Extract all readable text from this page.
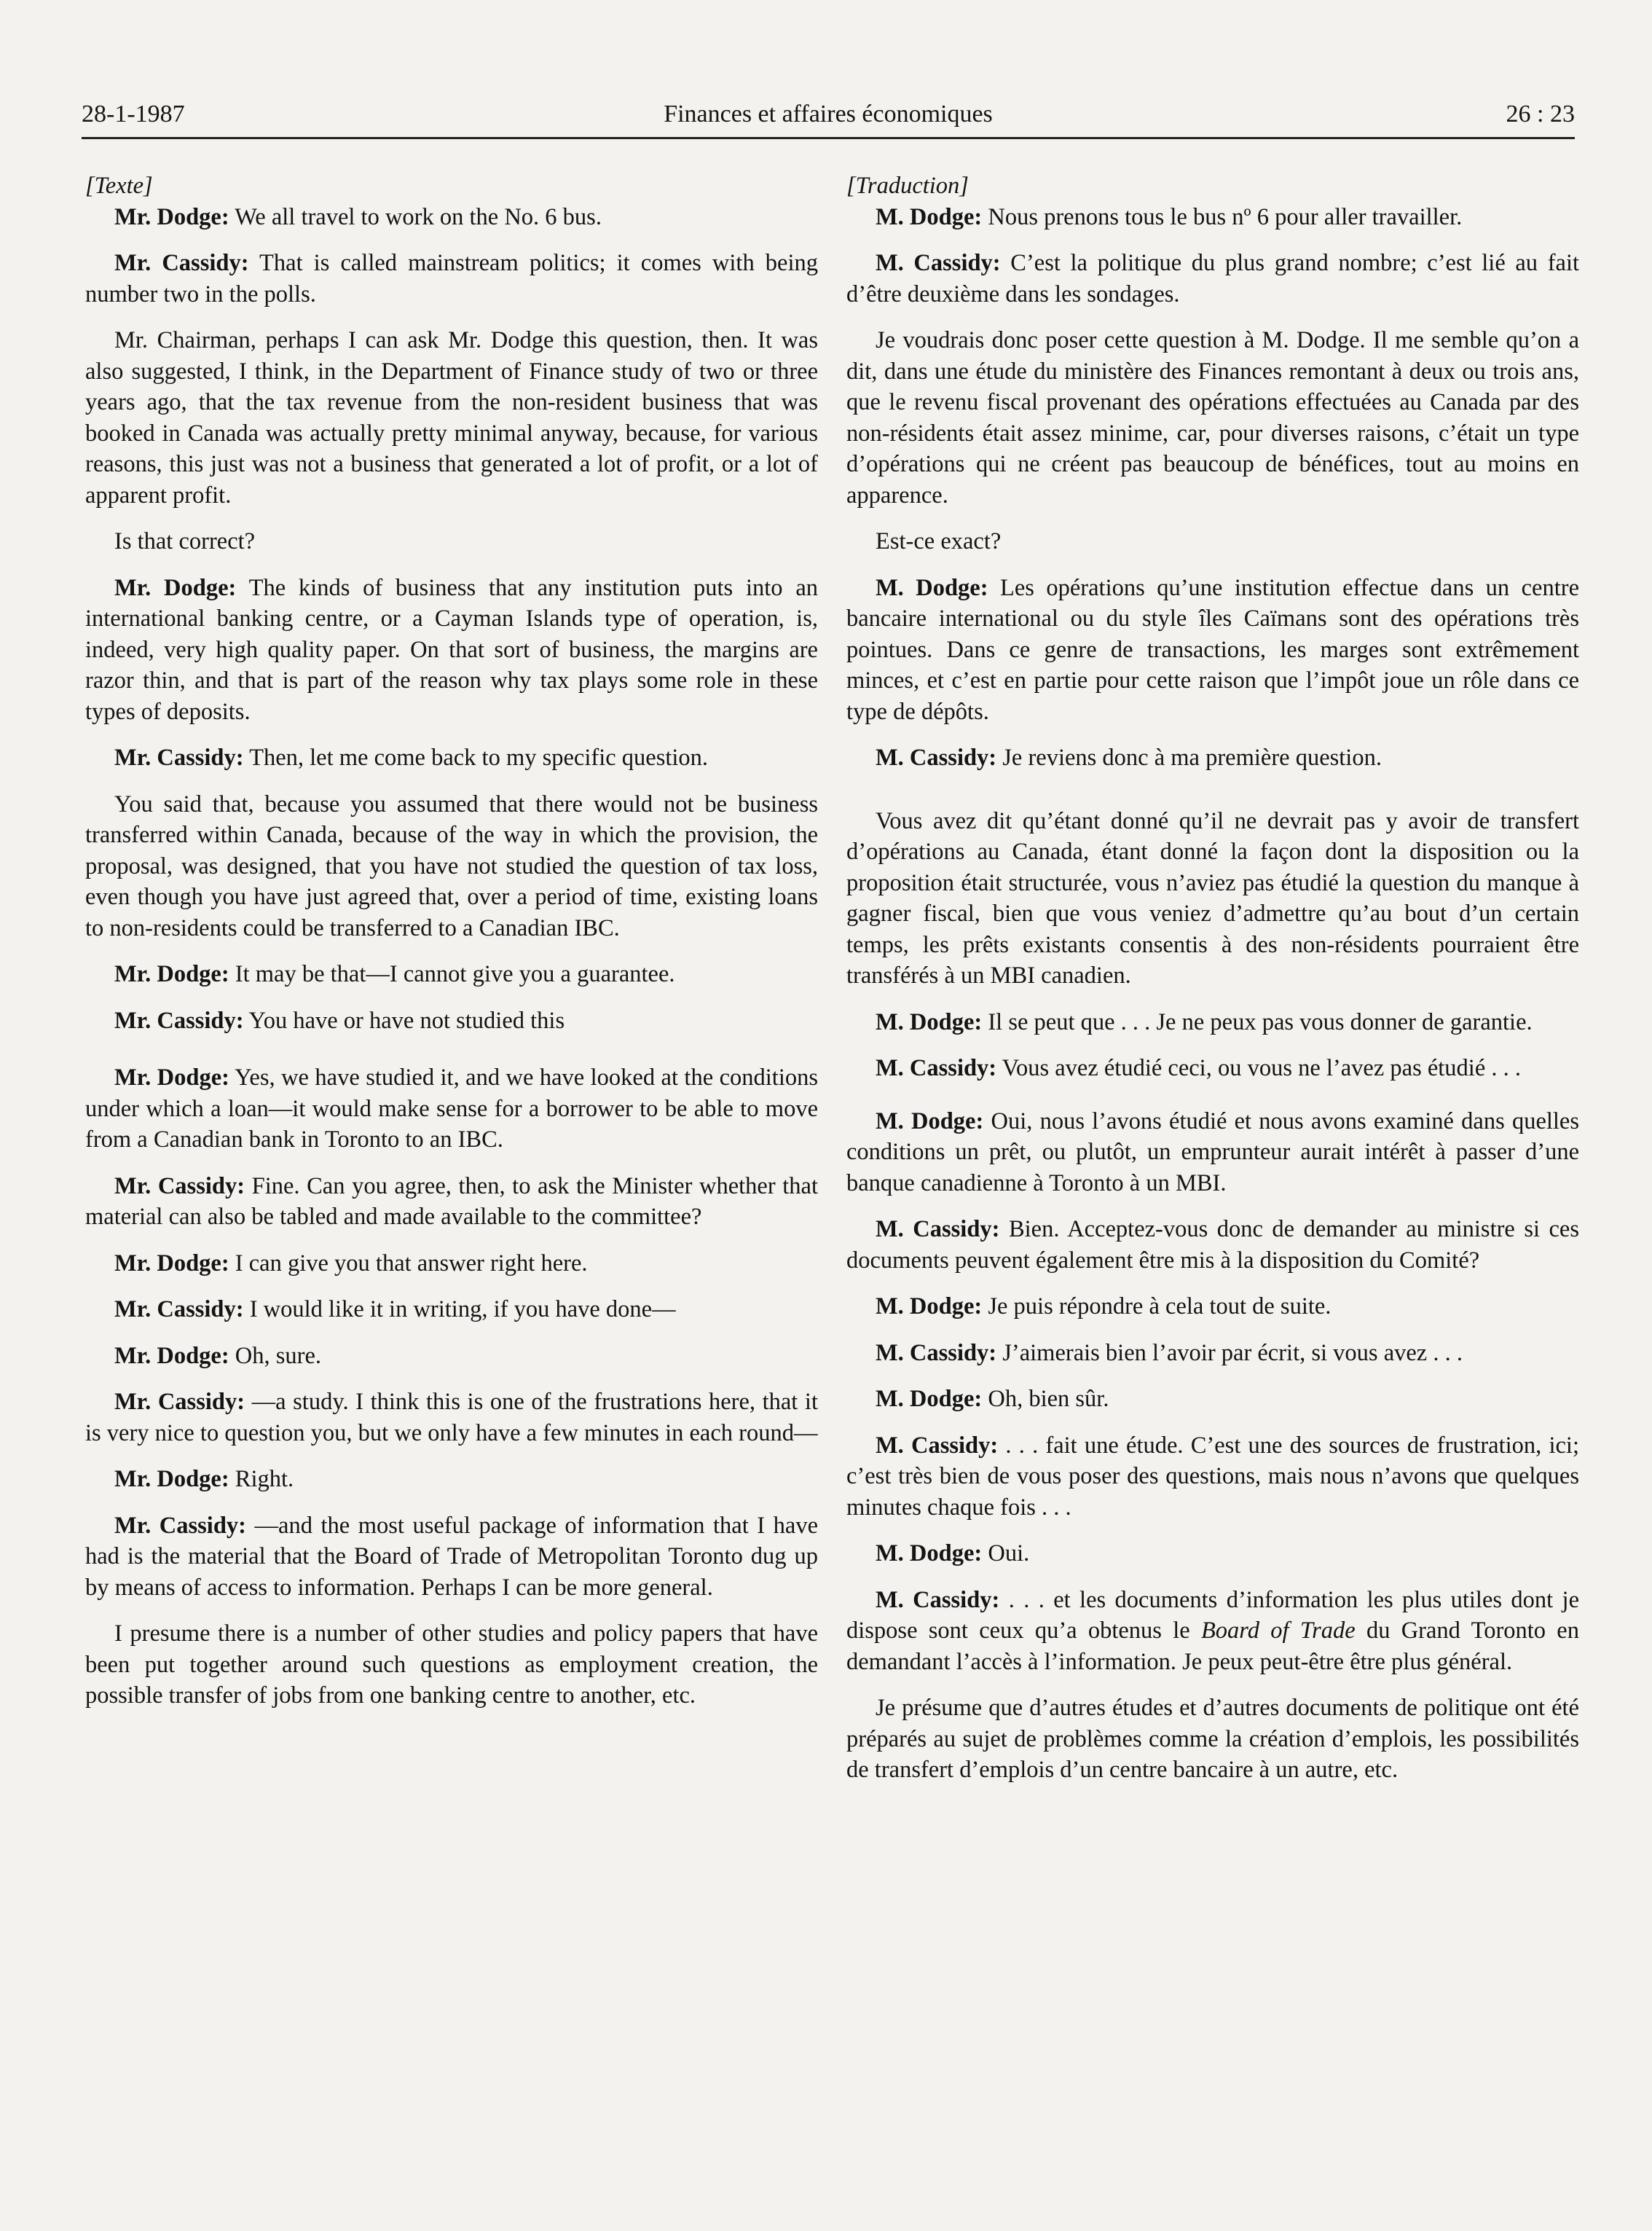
28-1-1987	Finances et affaires économiques	26 : 23

[Texte]

Mr. Dodge: We all travel to work on the No. 6 bus.

Mr. Cassidy: That is called mainstream politics; it comes with being number two in the polls.

Mr. Chairman, perhaps I can ask Mr. Dodge this question, then. It was also suggested, I think, in the Department of Finance study of two or three years ago, that the tax revenue from the non-resident business that was booked in Canada was actually pretty minimal anyway, because, for various reasons, this just was not a business that generated a lot of profit, or a lot of apparent profit.

Is that correct?

Mr. Dodge: The kinds of business that any institution puts into an international banking centre, or a Cayman Islands type of operation, is, indeed, very high quality paper. On that sort of business, the margins are razor thin, and that is part of the reason why tax plays some role in these types of deposits.

Mr. Cassidy: Then, let me come back to my specific question.

You said that, because you assumed that there would not be business transferred within Canada, because of the way in which the provision, the proposal, was designed, that you have not studied the question of tax loss, even though you have just agreed that, over a period of time, existing loans to non-residents could be transferred to a Canadian IBC.

Mr. Dodge: It may be that—I cannot give you a guarantee.

Mr. Cassidy: You have or have not studied this

Mr. Dodge: Yes, we have studied it, and we have looked at the conditions under which a loan—it would make sense for a borrower to be able to move from a Canadian bank in Toronto to an IBC.

Mr. Cassidy: Fine. Can you agree, then, to ask the Minister whether that material can also be tabled and made available to the committee?

Mr. Dodge: I can give you that answer right here.

Mr. Cassidy: I would like it in writing, if you have done—

Mr. Dodge: Oh, sure.

Mr. Cassidy: —a study. I think this is one of the frustrations here, that it is very nice to question you, but we only have a few minutes in each round—

Mr. Dodge: Right.

Mr. Cassidy: —and the most useful package of information that I have had is the material that the Board of Trade of Metropolitan Toronto dug up by means of access to information. Perhaps I can be more general.

I presume there is a number of other studies and policy papers that have been put together around such questions as employment creation, the possible transfer of jobs from one banking centre to another, etc.

[Traduction]

M. Dodge: Nous prenons tous le bus nº 6 pour aller travailler.

M. Cassidy: C’est la politique du plus grand nombre; c’est lié au fait d’être deuxième dans les sondages.

Je voudrais donc poser cette question à M. Dodge. Il me semble qu’on a dit, dans une étude du ministère des Finances remontant à deux ou trois ans, que le revenu fiscal provenant des opérations effectuées au Canada par des non-résidents était assez minime, car, pour diverses raisons, c’était un type d’opérations qui ne créent pas beaucoup de bénéfices, tout au moins en apparence.

Est-ce exact?

M. Dodge: Les opérations qu’une institution effectue dans un centre bancaire international ou du style îles Caïmans sont des opérations très pointues. Dans ce genre de transactions, les marges sont extrêmement minces, et c’est en partie pour cette raison que l’impôt joue un rôle dans ce type de dépôts.

M. Cassidy: Je reviens donc à ma première question.

Vous avez dit qu’étant donné qu’il ne devrait pas y avoir de transfert d’opérations au Canada, étant donné la façon dont la disposition ou la proposition était structurée, vous n’aviez pas étudié la question du manque à gagner fiscal, bien que vous veniez d’admettre qu’au bout d’un certain temps, les prêts existants consentis à des non-résidents pourraient être transférés à un MBI canadien.

M. Dodge: Il se peut que . . . Je ne peux pas vous donner de garantie.

M. Cassidy: Vous avez étudié ceci, ou vous ne l’avez pas étudié . . .

M. Dodge: Oui, nous l’avons étudié et nous avons examiné dans quelles conditions un prêt, ou plutôt, un emprunteur aurait intérêt à passer d’une banque canadienne à Toronto à un MBI.

M. Cassidy: Bien. Acceptez-vous donc de demander au ministre si ces documents peuvent également être mis à la disposition du Comité?

M. Dodge: Je puis répondre à cela tout de suite.

M. Cassidy: J’aimerais bien l’avoir par écrit, si vous avez . . .

M. Dodge: Oh, bien sûr.

M. Cassidy: . . . fait une étude. C’est une des sources de frustration, ici; c’est très bien de vous poser des questions, mais nous n’avons que quelques minutes chaque fois . . .

M. Dodge: Oui.

M. Cassidy: . . . et les documents d’information les plus utiles dont je dispose sont ceux qu’a obtenus le Board of Trade du Grand Toronto en demandant l’accès à l’information. Je peux peut-être être plus général.

Je présume que d’autres études et d’autres documents de politique ont été préparés au sujet de problèmes comme la création d’emplois, les possibilités de transfert d’emplois d’un centre bancaire à un autre, etc.
